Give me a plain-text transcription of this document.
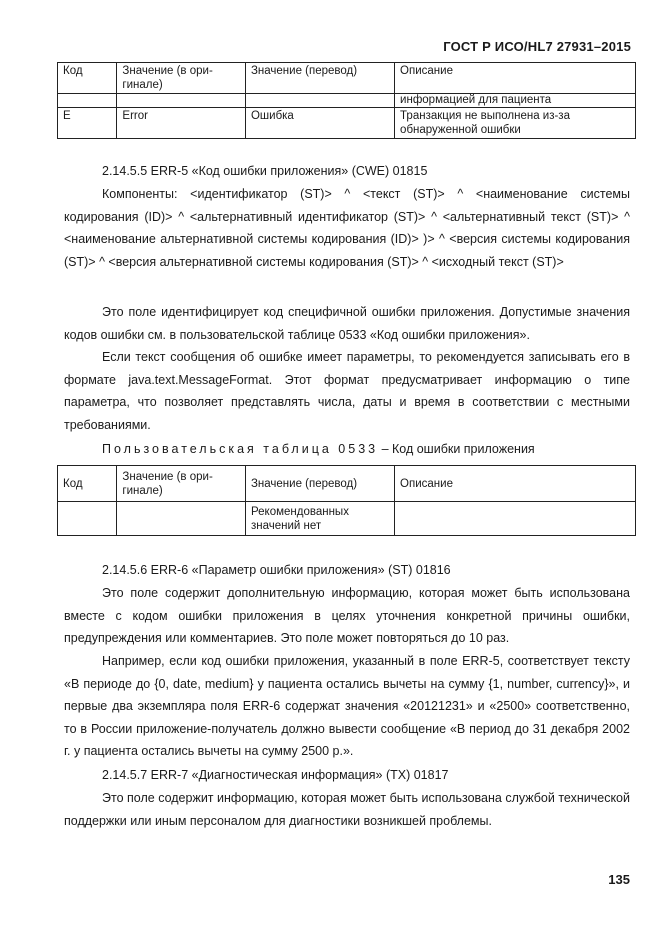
ГОСТ Р ИСО/HL7 27931–2015
Код	Значение (в ори-гинале)	Значение (перевод)	Описание
			информацией для пациента
E	Error	Ошибка	Транзакция не выполнена из-за обнаруженной ошибки

2.14.5.5 ERR-5 «Код ошибки приложения» (CWE) 01815

Компоненты: <идентификатор (ST)> ^ <текст (ST)> ^ <наименование системы кодирования (ID)> ^ <альтернативный идентификатор (ST)> ^ <альтернативный текст (ST)> ^ <наименование альтернативной системы кодирования (ID)> )> ^ <версия системы кодирования (ST)> ^ <версия альтернативной системы кодирования (ST)> ^ <исходный текст (ST)>

Это поле идентифицирует код специфичной ошибки приложения. Допустимые значения кодов ошибки см. в пользовательской таблице 0533 «Код ошибки приложения».

Если текст сообщения об ошибке имеет параметры, то рекомендуется записывать его в формате java.text.MessageFormat. Этот формат предусматривает информацию о типе параметра, что позволяет представлять числа, даты и время в соответствии с местными требованиями.

Пользовательская таблица 0533 – Код ошибки приложения

Код	Значение (в ори-гинале)	Значение (перевод)	Описание
		Рекомендованных значений нет	

2.14.5.6 ERR-6 «Параметр ошибки приложения» (ST) 01816

Это поле содержит дополнительную информацию, которая может быть использована вместе с кодом ошибки приложения в целях уточнения конкретной причины ошибки, предупреждения или комментариев. Это поле может повторяться до 10 раз.

Например, если код ошибки приложения, указанный в поле ERR-5, соответствует тексту «В периоде до {0, date, medium} у пациента остались вычеты на сумму {1, number, currency}», и первые два экземпляра поля ERR-6 содержат значения «20121231» и «2500» соответственно, то в России приложение-получатель должно вывести сообщение «В период до 31 декабря 2002 г. у пациента остались вычеты на сумму 2500 р.».

2.14.5.7 ERR-7 «Диагностическая информация» (TX) 01817

Это поле содержит информацию, которая может быть использована службой технической поддержки или иным персоналом для диагностики возникшей проблемы.

135
